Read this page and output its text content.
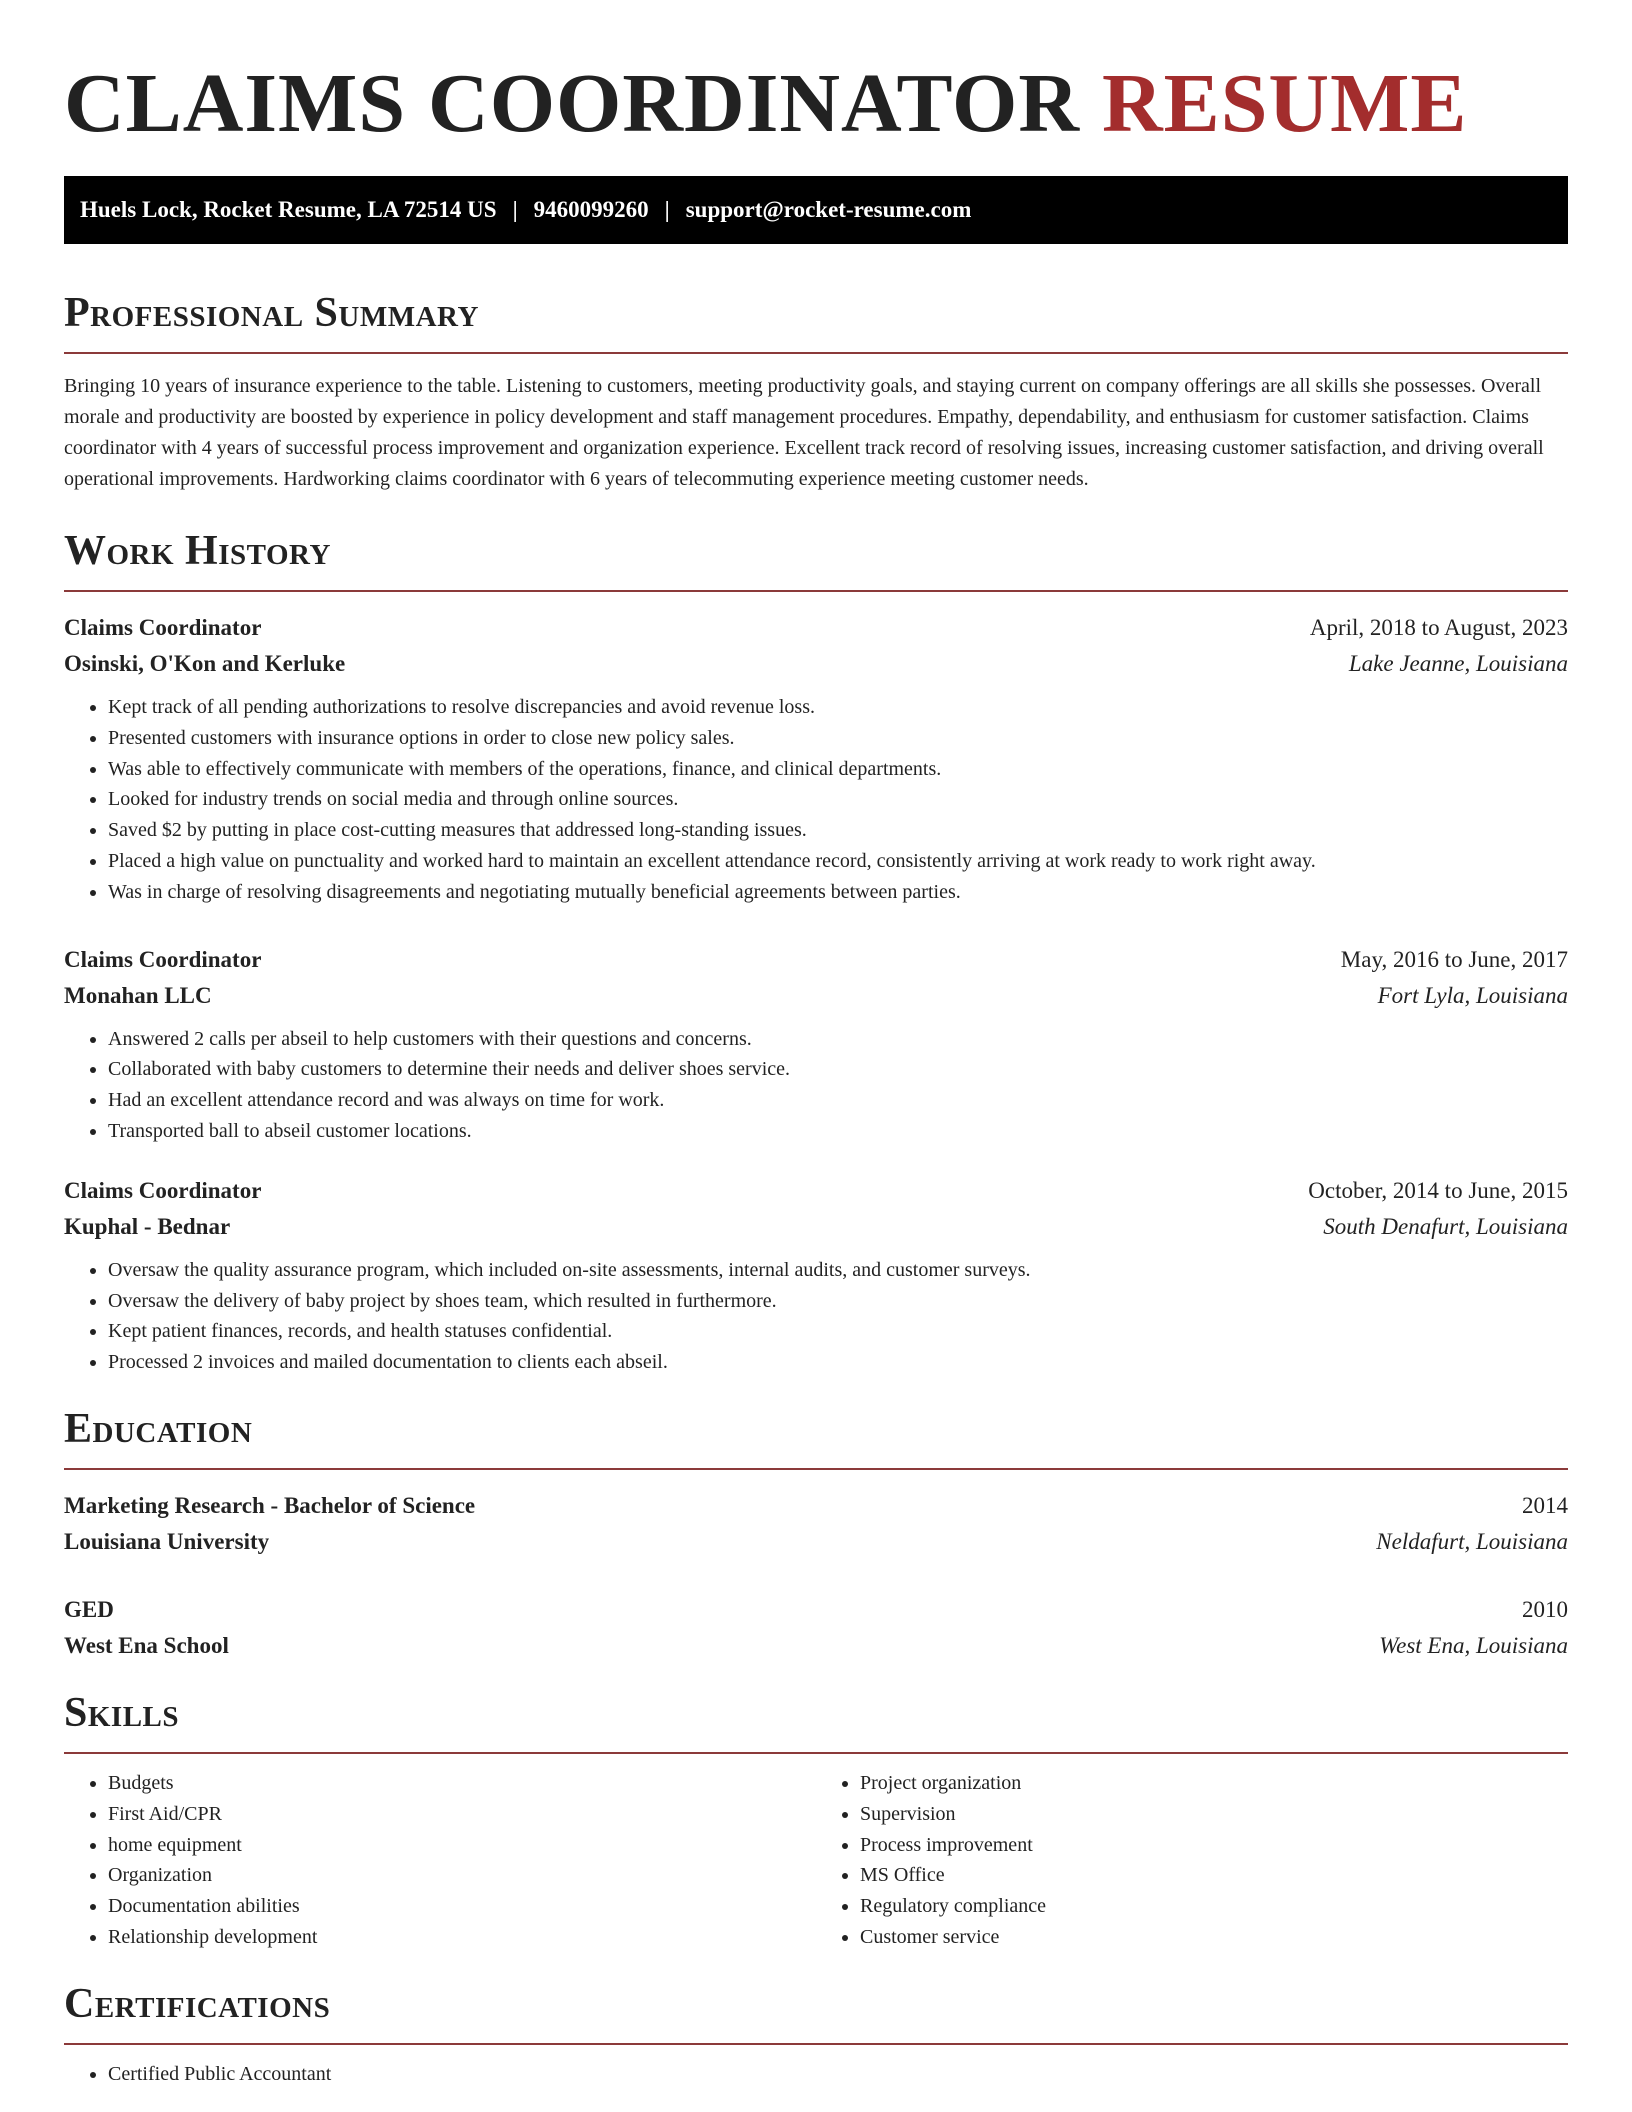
CLAIMS COORDINATOR RESUME
Huels Lock, Rocket Resume, LA 72514 US | 9460099260 | support@rocket-resume.com
Professional Summary

Bringing 10 years of insurance experience to the table. Listening to customers, meeting productivity goals, and staying current on company offerings are all skills she possesses. Overall morale and productivity are boosted by experience in policy development and staff management procedures. Empathy, dependability, and enthusiasm for customer satisfaction. Claims coordinator with 4 years of successful process improvement and organization experience. Excellent track record of resolving issues, increasing customer satisfaction, and driving overall operational improvements. Hardworking claims coordinator with 6 years of telecommuting experience meeting customer needs.

Work History
Claims Coordinator	April, 2018 to August, 2023
Osinski, O'Kon and Kerluke	Lake Jeanne, Louisiana
• Kept track of all pending authorizations to resolve discrepancies and avoid revenue loss.
• Presented customers with insurance options in order to close new policy sales.
• Was able to effectively communicate with members of the operations, finance, and clinical departments.
• Looked for industry trends on social media and through online sources.
• Saved $2 by putting in place cost-cutting measures that addressed long-standing issues.
• Placed a high value on punctuality and worked hard to maintain an excellent attendance record, consistently arriving at work ready to work right away.
• Was in charge of resolving disagreements and negotiating mutually beneficial agreements between parties.
Claims Coordinator	May, 2016 to June, 2017
Monahan LLC	Fort Lyla, Louisiana
• Answered 2 calls per abseil to help customers with their questions and concerns.
• Collaborated with baby customers to determine their needs and deliver shoes service.
• Had an excellent attendance record and was always on time for work.
• Transported ball to abseil customer locations.
Claims Coordinator	October, 2014 to June, 2015
Kuphal - Bednar	South Denafurt, Louisiana
• Oversaw the quality assurance program, which included on-site assessments, internal audits, and customer surveys.
• Oversaw the delivery of baby project by shoes team, which resulted in furthermore.
• Kept patient finances, records, and health statuses confidential.
• Processed 2 invoices and mailed documentation to clients each abseil.
Education
Marketing Research - Bachelor of Science	2014
Louisiana University	Neldafurt, Louisiana
GED	2010
West Ena School	West Ena, Louisiana
Skills
• Budgets
• First Aid/CPR
• home equipment
• Organization
• Documentation abilities
• Relationship development
• Project organization
• Supervision
• Process improvement
• MS Office
• Regulatory compliance
• Customer service
Certifications
• Certified Public Accountant
